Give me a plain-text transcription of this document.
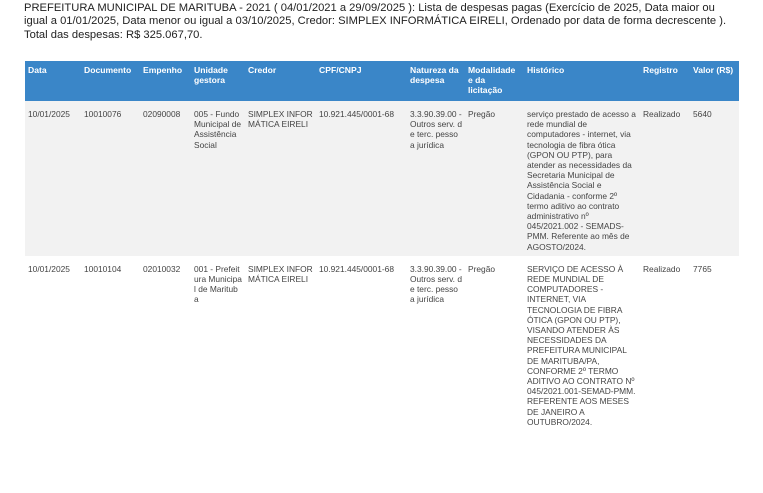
PREFEITURA MUNICIPAL DE MARITUBA - 2021 ( 04/01/2021 a 29/09/2025 ): Lista de despesas pagas (Exercício de 2025, Data maior ou
igual a 01/01/2025, Data menor ou igual a 03/10/2025, Credor: SIMPLEX INFORMÁTICA EIRELI, Ordenado por data de forma decrescente ).
Total das despesas: R$ 325.067,70.
Data	Documento	Empenho	Unidade gestora	Credor	CPF/CNPJ	Natureza da despesa	Modalidade e da licitação	Histórico	Registro	Valor (R$)
10/01/2025	10010076	02090008	005 - Fundo Municipal de Assistência Social	SIMPLEX INFORMÁTICA EIRELI	10.921.445/0001-68	3.3.90.39.00 - Outros serv. de terc. pessoa jurídica	Pregão	serviço prestado de acesso a rede mundial de computadores - internet, via tecnologia de fibra ótica (GPON OU PTP), para atender as necessidades da Secretaria Municipal de Assistência Social e Cidadania - conforme 2º termo aditivo ao contrato administrativo nº 045/2021.002 - SEMADS-PMM. Referente ao mês de AGOSTO/2024.	Realizado	5640
10/01/2025	10010104	02010032	001 - Prefeitura Municipal de Marituba	SIMPLEX INFORMÁTICA EIRELI	10.921.445/0001-68	3.3.90.39.00 - Outros serv. de terc. pessoa jurídica	Pregão	SERVIÇO DE ACESSO À REDE MUNDIAL DE COMPUTADORES - INTERNET, VIA TECNOLOGIA DE FIBRA ÓTICA (GPON OU PTP), VISANDO ATENDER ÀS NECESSIDADES DA PREFEITURA MUNICIPAL DE MARITUBA/PA, CONFORME 2º TERMO ADITIVO AO CONTRATO Nº 045/2021.001-SEMAD-PMM. REFERENTE AOS MESES DE JANEIRO A OUTUBRO/2024.	Realizado	7765
